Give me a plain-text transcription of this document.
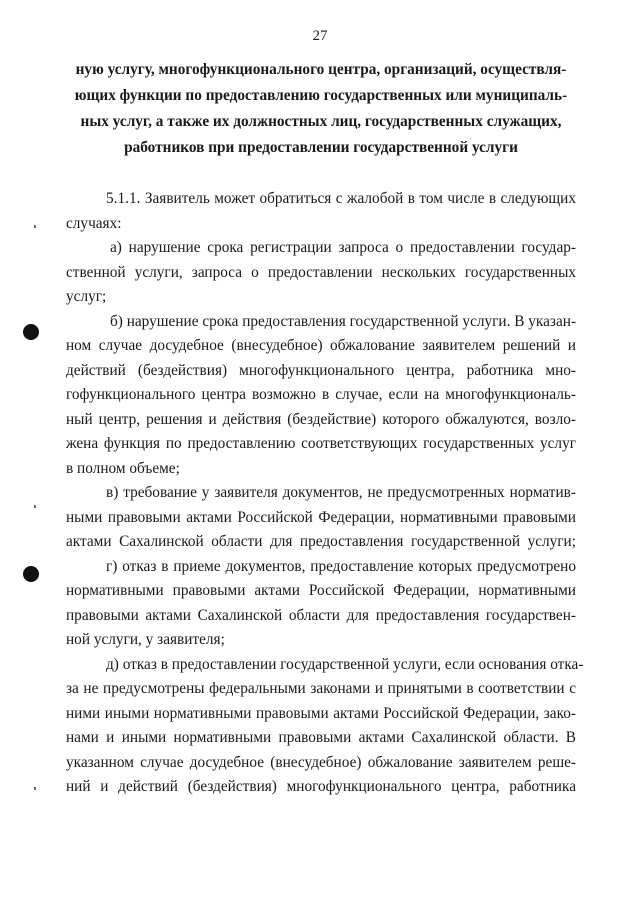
27
ную услугу, многофункционального центра, организаций, осуществля-
ющих функции по предоставлению государственных или муниципаль-
ных услуг, а также их должностных лиц, государственных служащих,
работников при предоставлении государственной услуги
5.1.1. Заявитель может обратиться с жалобой в том числе в следующих
случаях:
а) нарушение срока регистрации запроса о предоставлении государ-
ственной услуги, запроса о предоставлении нескольких государственных
услуг;
б) нарушение срока предоставления государственной услуги. В указан-
ном случае досудебное (внесудебное) обжалование заявителем решений и
действий (бездействия) многофункционального центра, работника мно-
гофункционального центра возможно в случае, если на многофункциональ-
ный центр, решения и действия (бездействие) которого обжалуются, возло-
жена функция по предоставлению соответствующих государственных услуг
в полном объеме;
в) требование у заявителя документов, не предусмотренных норматив-
ными правовыми актами Российской Федерации, нормативными правовыми
актами Сахалинской области для предоставления государственной услуги;
г) отказ в приеме документов, предоставление которых предусмотрено
нормативными правовыми актами Российской Федерации, нормативными
правовыми актами Сахалинской области для предоставления государствен-
ной услуги, у заявителя;
д) отказ в предоставлении государственной услуги, если основания отка-
за не предусмотрены федеральными законами и принятыми в соответствии с
ними иными нормативными правовыми актами Российской Федерации, зако-
нами и иными нормативными правовыми актами Сахалинской области. В
указанном случае досудебное (внесудебное) обжалование заявителем реше-
ний и действий (бездействия) многофункционального центра, работника
